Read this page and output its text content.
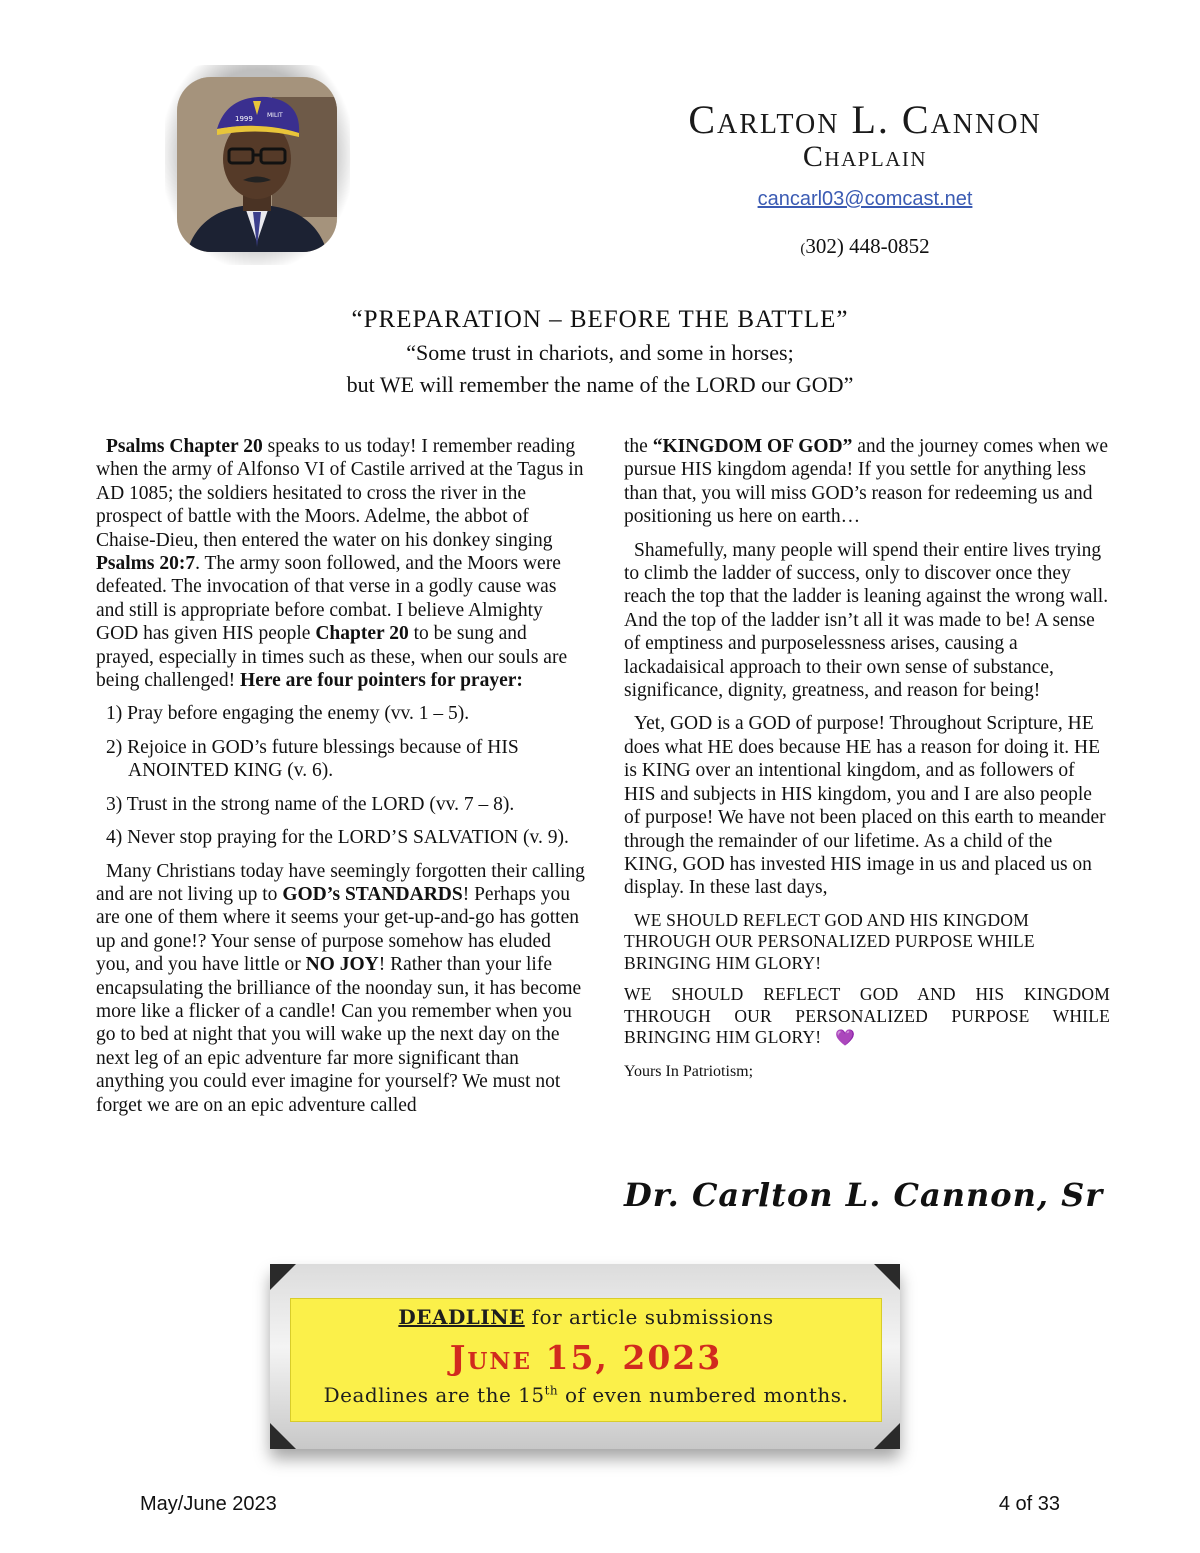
1999 MILIT	Carlton L. Cannon
Chaplain
cancarl03@comcast.net
(302) 448-0852
“PREPARATION – BEFORE THE BATTLE”
“Some trust in chariots, and some in horses;
but WE will remember the name of the LORD our GOD”

Psalms Chapter 20 speaks to us today! I remember reading when the army of Alfonso VI of Castile arrived at the Tagus in AD 1085; the soldiers hesitated to cross the river in the prospect of battle with the Moors. Adelme, the abbot of Chaise-Dieu, then entered the water on his donkey singing Psalms 20:7. The army soon followed, and the Moors were defeated. The invocation of that verse in a godly cause was and still is appropriate before combat. I believe Almighty GOD has given HIS people Chapter 20 to be sung and prayed, especially in times such as these, when our souls are being challenged! Here are four pointers for prayer:

1) Pray before engaging the enemy (vv. 1 – 5).
2) Rejoice in GOD’s future blessings because of HIS ANOINTED KING (v. 6).
3) Trust in the strong name of the LORD (vv. 7 – 8).
4) Never stop praying for the LORD’S SALVATION (v. 9).

Many Christians today have seemingly forgotten their calling and are not living up to GOD’s STANDARDS! Perhaps you are one of them where it seems your get-up-and-go has gotten up and gone!? Your sense of purpose somehow has eluded you, and you have little or NO JOY! Rather than your life encapsulating the brilliance of the noonday sun, it has become more like a flicker of a candle! Can you remember when you go to bed at night that you will wake up the next day on the next leg of an epic adventure far more significant than anything you could ever imagine for yourself? We must not forget we are on an epic adventure called

the “KINGDOM OF GOD” and the journey comes when we pursue HIS kingdom agenda! If you settle for anything less than that, you will miss GOD’s reason for redeeming us and positioning us here on earth…

Shamefully, many people will spend their entire lives trying to climb the ladder of success, only to discover once they reach the top that the ladder is leaning against the wrong wall. And the top of the ladder isn’t all it was made to be! A sense of emptiness and purposelessness arises, causing a lackadaisical approach to their own sense of substance, significance, dignity, greatness, and reason for being!

Yet, GOD is a GOD of purpose! Throughout Scripture, HE does what HE does because HE has a reason for doing it. HE is KING over an intentional kingdom, and as followers of HIS and subjects in HIS kingdom, you and I are also people of purpose! We have not been placed on this earth to meander through the remainder of our lifetime. As a child of the KING, GOD has invested HIS image in us and placed us on display. In these last days,

WE SHOULD REFLECT GOD AND HIS KINGDOM THROUGH OUR PERSONALIZED PURPOSE WHILE BRINGING HIM GLORY!

WE SHOULD REFLECT GOD AND HIS KINGDOM THROUGH OUR PERSONALIZED PURPOSE WHILE BRINGING HIM GLORY! 💜

Yours In Patriotism;

Dr. Carlton L. Cannon, Sr
DEADLINE for article submissions
June 15, 2023
Deadlines are the 15th of even numbered months.
May/June 2023	4 of 33
